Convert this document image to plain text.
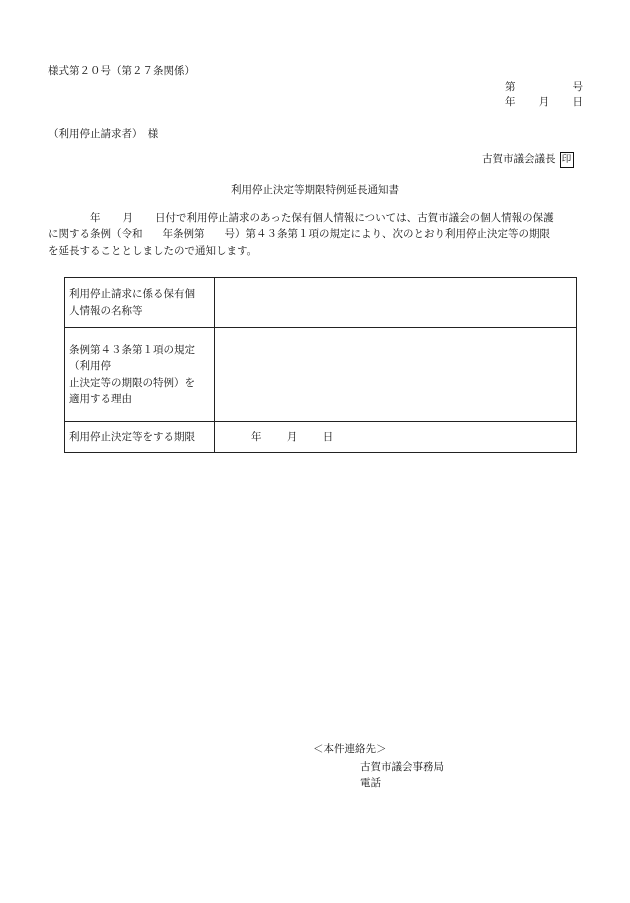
様式第２０号（第２７条関係）
第	号
年 月 日
（利用停止請求者）　様
古賀市議会議長 印
利用停止決定等期限特例延長通知書
年 月 日付で利用停止請求のあった保有個人情報については、古賀市議会の個人情報の保護
に関する条例（令和 年条例第 号）第４３条第１項の規定により、次のとおり利用停止決定等の期限
を延長することとしましたので通知します。
利用停止請求に係る保有個
人情報の名称等	

条例第４３条第１項の規定
（利用停
止決定等の期限の特例）を
適用する理由	

利用停止決定等をする期限	年 月 日
＜本件連絡先＞
古賀市議会事務局
電話
